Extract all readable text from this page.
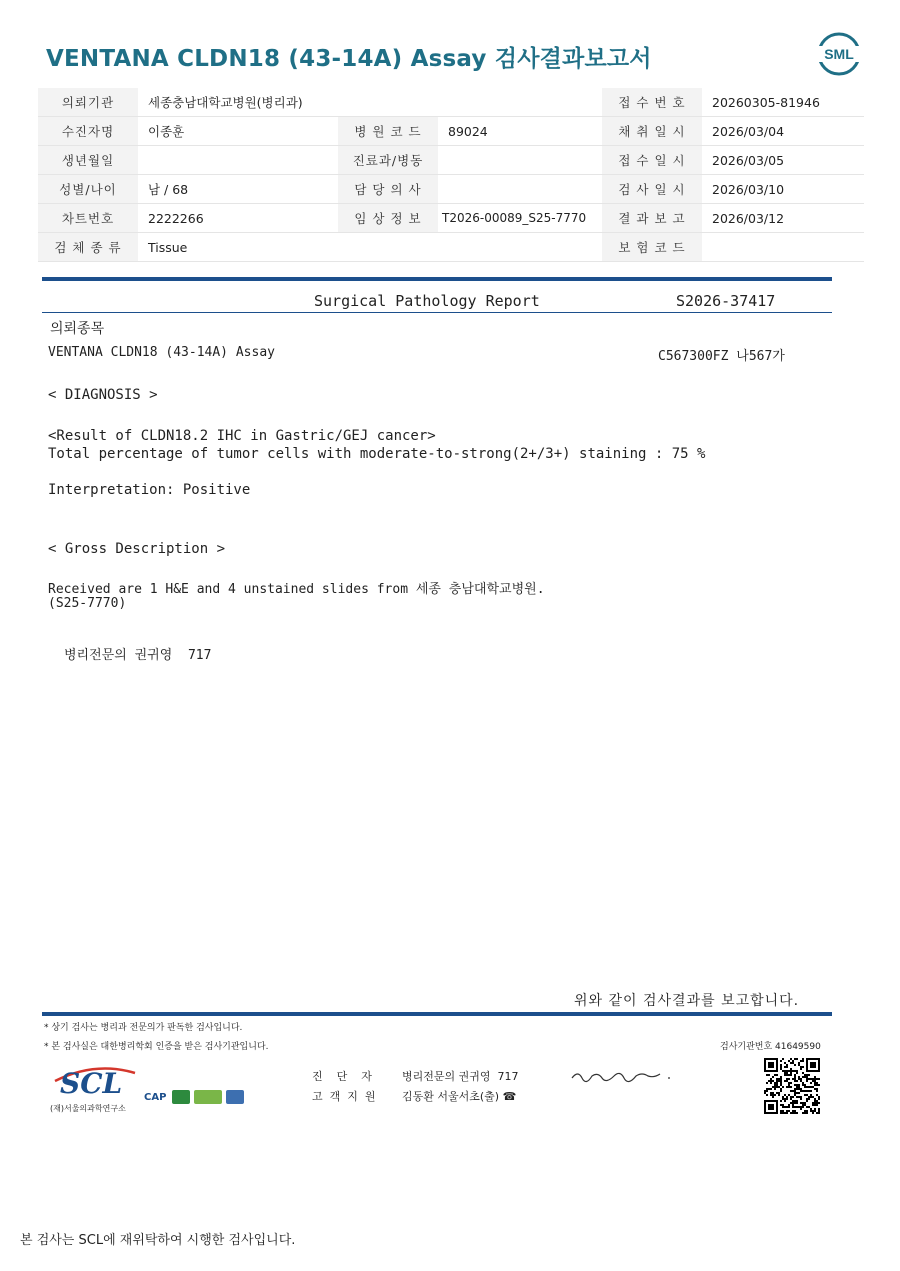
VENTANA CLDN18 (43-14A) Assay 검사결과보고서	SML
의뢰기관	세종충남대학교병원(병리과)			접 수 번 호	20260305-81946
수진자명	이종훈	병 원 코 드	89024	채 취 일 시	2026/03/04
생년월일		진료과/병동		접 수 일 시	2026/03/05
성별/나이	남 / 68	담 당 의 사		검 사 일 시	2026/03/10
차트번호	2222266	임 상 정 보	T2026-00089_S25-7770	결 과 보 고	2026/03/12
검 체 종 류	Tissue			보 험 코 드	
Surgical Pathology Report	S2026-37417
의뢰종목
VENTANA CLDN18 (43-14A) Assay	C567300FZ 나567가
< DIAGNOSIS >
<Result of CLDN18.2 IHC in Gastric/GEJ cancer>
Total percentage of tumor cells with moderate-to-strong(2+/3+) staining : 75 %
Interpretation: Positive
< Gross Description >
Received are 1 H&E and 4 unstained slides from 세종 충남대학교병원.
(S25-7770)
병리전문의 권귀영  717
위와 같이 검사결과를 보고합니다.
* 상기 검사는 병리과 전문의가 판독한 검사입니다.
* 본 검사실은 대한병리학회 인증을 받은 검사기관입니다.	검사기관번호 41649590
SCL
(재)서울의과학연구소
CAP
진    단    자	병리전문의 권귀영  717
고  객  지  원 김동환 서울서초(출) ☎
본 검사는 SCL에 재위탁하여 시행한 검사입니다.
